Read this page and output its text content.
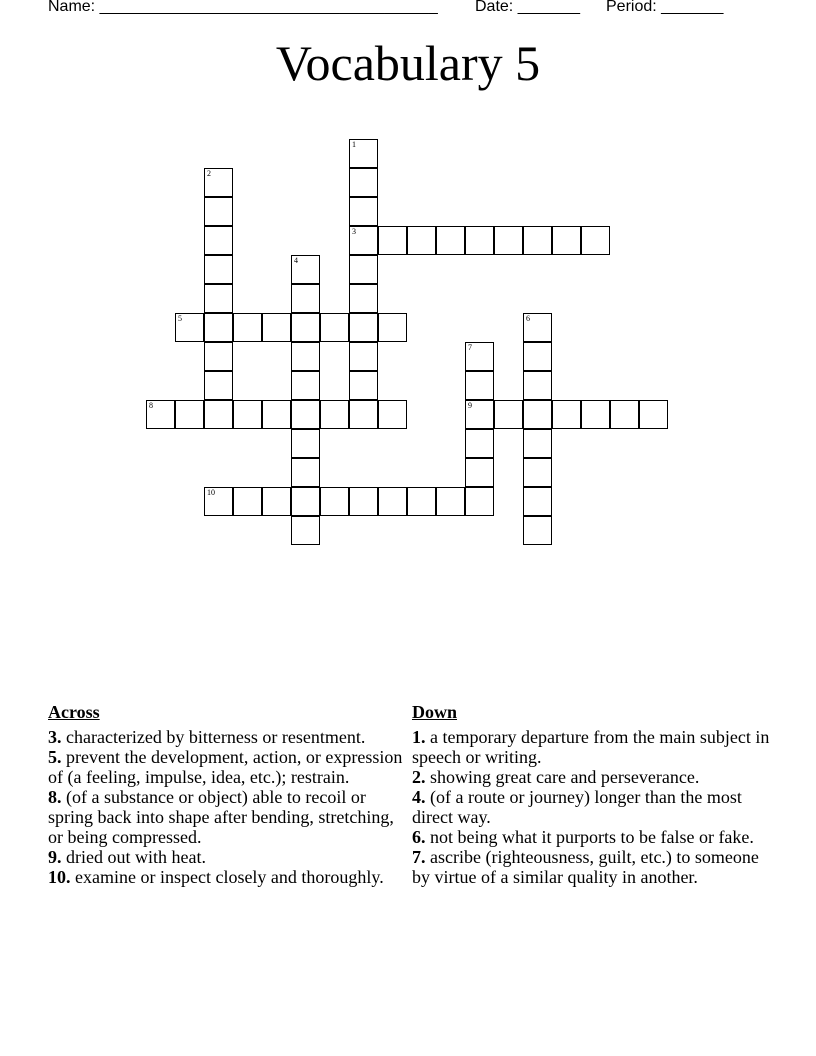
Name: ______________________________________ Date: _______ Period: _______
Vocabulary 5
1
3
2
4
5	6
7
9
8
10
Across

3. characterized by bitterness or resentment.

5. prevent the development, action, or expression of (a feeling, impulse, idea, etc.); restrain.

8. (of a substance or object) able to recoil or spring back into shape after bending, stretching, or being compressed.

9. dried out with heat.

10. examine or inspect closely and thoroughly.

Down

1. a temporary departure from the main subject in speech or writing.

2. showing great care and perseverance.

4. (of a route or journey) longer than the most direct way.

6. not being what it purports to be false or fake.

7. ascribe (righteousness, guilt, etc.) to someone by virtue of a similar quality in another.
